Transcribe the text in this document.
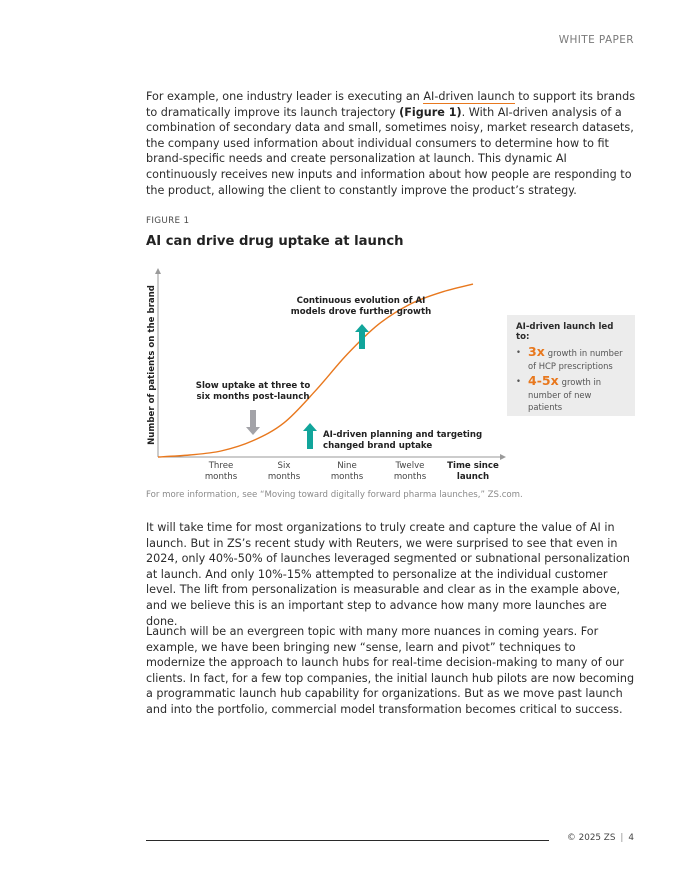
WHITE PAPER

For example, one industry leader is executing an AI-driven launch to support its brands to dramatically improve its launch trajectory (Figure 1). With AI-driven analysis of a combination of secondary data and small, sometimes noisy, market research datasets, the company used information about individual consumers to determine how to fit brand-specific needs and create personalization at launch. This dynamic AI continuously receives new inputs and information about how people are responding to the product, allowing the client to constantly improve the product’s strategy.

FIGURE 1
AI can drive drug uptake at launch
Number of patients on the brand
Three months
Six months
Nine months
Twelve months
Time since launch
Continuous evolution of AI models drove further growth
Slow uptake at three to six months post-launch
AI-driven planning and targeting changed brand uptake
AI-driven launch led to:
• 3x growth in number of HCP prescriptions
• 4-5x growth in number of new patients
For more information, see “Moving toward digitally forward pharma launches,” ZS.com.

It will take time for most organizations to truly create and capture the value of AI in launch. But in ZS’s recent study with Reuters, we were surprised to see that even in 2024, only 40%-50% of launches leveraged segmented or subnational personalization at launch. And only 10%-15% attempted to personalize at the individual customer level. The lift from personalization is measurable and clear as in the example above, and we believe this is an important step to advance how many more launches are done.

Launch will be an evergreen topic with many more nuances in coming years. For example, we have been bringing new “sense, learn and pivot” techniques to modernize the approach to launch hubs for real-time decision-making to many of our clients. In fact, for a few top companies, the initial launch hub pilots are now becoming a programmatic launch hub capability for organizations. But as we move past launch and into the portfolio, commercial model transformation becomes critical to success.

© 2025 ZS | 4
